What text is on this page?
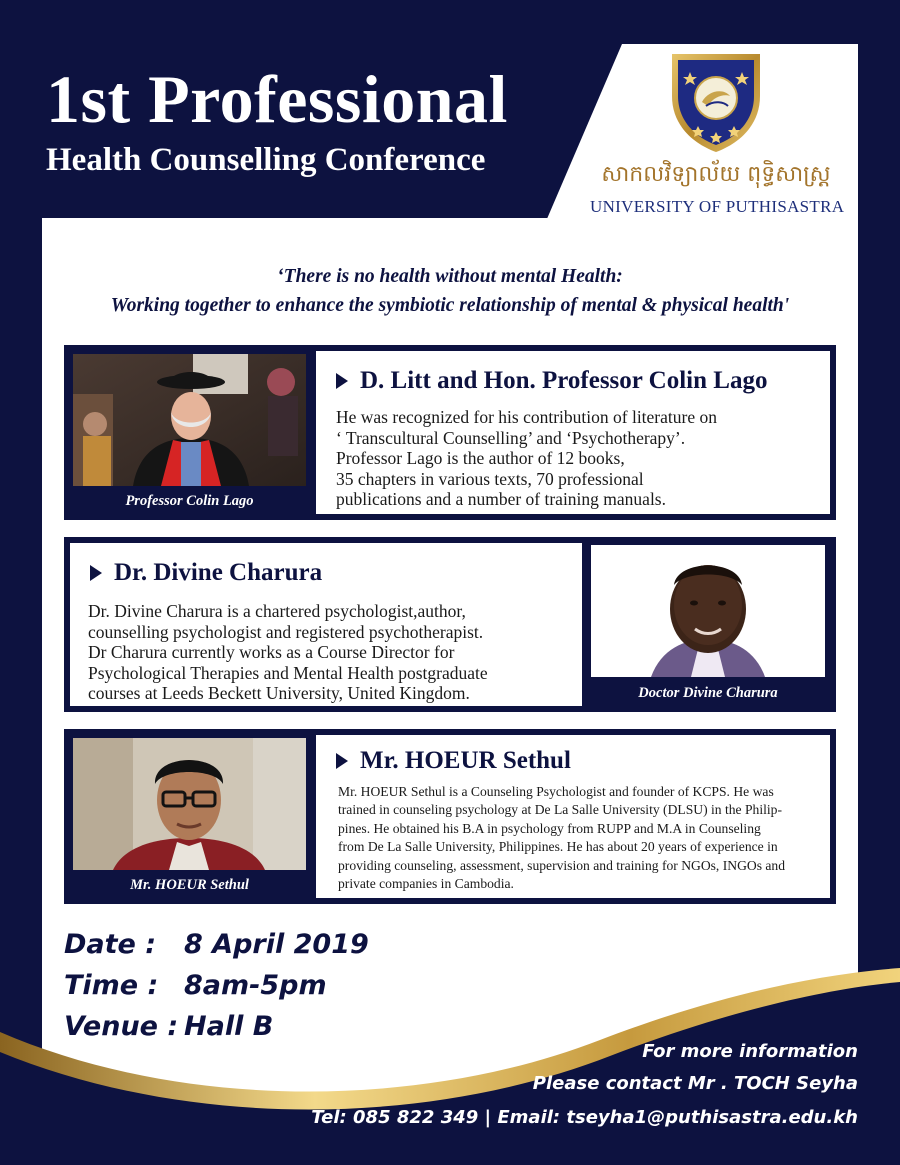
1st Professional
Health Counselling Conference	សាកលវិទ្យាល័យ ពុទ្ធិសាស្ត្រ
UNIVERSITY OF PUTHISASTRA

‘There is no health without mental Health:
Working together to enhance the symbiotic relationship of mental & physical health'

Professor Colin Lago
D. Litt and Hon. Professor Colin Lago

He was recognized for his contribution of literature on
‘ Transcultural Counselling’ and ‘Psychotherapy’.
Professor Lago is the author of 12 books,
35 chapters in various texts, 70 professional
publications and a number of training manuals.

Dr. Divine Charura

Dr. Divine Charura is a chartered psychologist,author,
counselling psychologist and registered psychotherapist.
Dr Charura currently works as a Course Director for
Psychological Therapies and Mental Health postgraduate
courses at Leeds Beckett University, United Kingdom.	Doctor Divine Charura
Mr. HOEUR Sethul
Mr. HOEUR Sethul

Mr. HOEUR Sethul is a Counseling Psychologist and founder of KCPS. He was
trained in counseling psychology at De La Salle University (DLSU) in the Philip-
pines. He obtained his B.A in psychology from RUPP and M.A in Counseling
from De La Salle University, Philippines. He has about 20 years of experience in
providing counseling, assessment, supervision and training for NGOs, INGOs and
private companies in Cambodia.

Date :	8 April 2019
Time : 8am-5pm
Venue : Hall B
For more information
Please contact Mr . TOCH Seyha
Tel: 085 822 349 | Email: tseyha1@puthisastra.edu.kh
